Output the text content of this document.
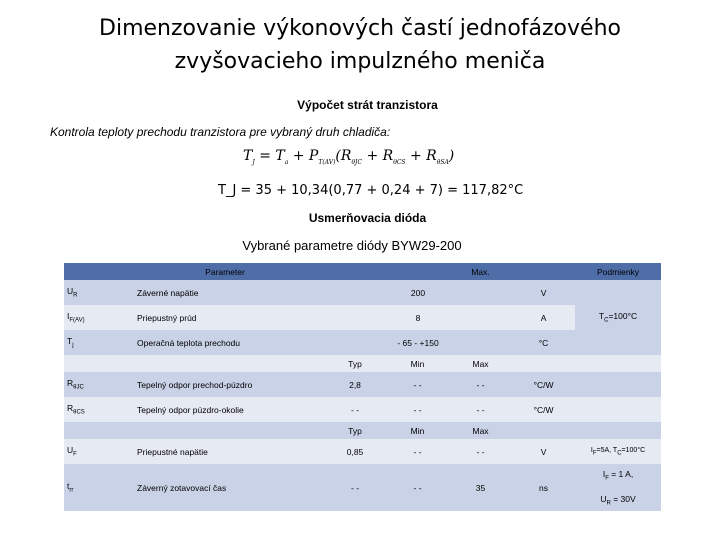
Dimenzovanie výkonových častí jednofázového
zvyšovacieho impulzného meniča
Výpočet strát tranzistora
Kontrola teploty prechodu tranzistora pre vybraný druh chladiča:
$T_J = T_a + P_{T(AV)}(R_{\theta JC} + R_{\theta CS} + R_{\theta SA})$
T_J = 35 + 10,34(0,77 + 0,24 + 7) = 117,82°C
Usmerňovacia dióda
Vybrané parametre diódy BYW29-200
Parameter			Max.			Podmienky
$U_R$	Záverné napätie	200			V	$T_C=100^\circ C$
$I_{F(AV)}$	Priepustný prúd	8			A	
$T_j$	Operačná teplota prechodu	- 65 - +150			°C	
		Typ	Min	Max		
$R_{\theta JC}$	Tepelný odpor prechod-púzdro	2,8	- -	- -	°C/W	
$R_{\theta CS}$	Tepelný odpor púzdro-okolie	- -	- -	- -	°C/W	
		Typ	Min	Max		
$U_F$	Priepustné napätie	0,85	- -	- -	V	$I_F=5A$, $T_C=100^\circ C$
$t_{rr}$	Záverný zotavovací čas	- -	- -	35	ns	$I_F = 1$ A,
$U_R = 30V$
